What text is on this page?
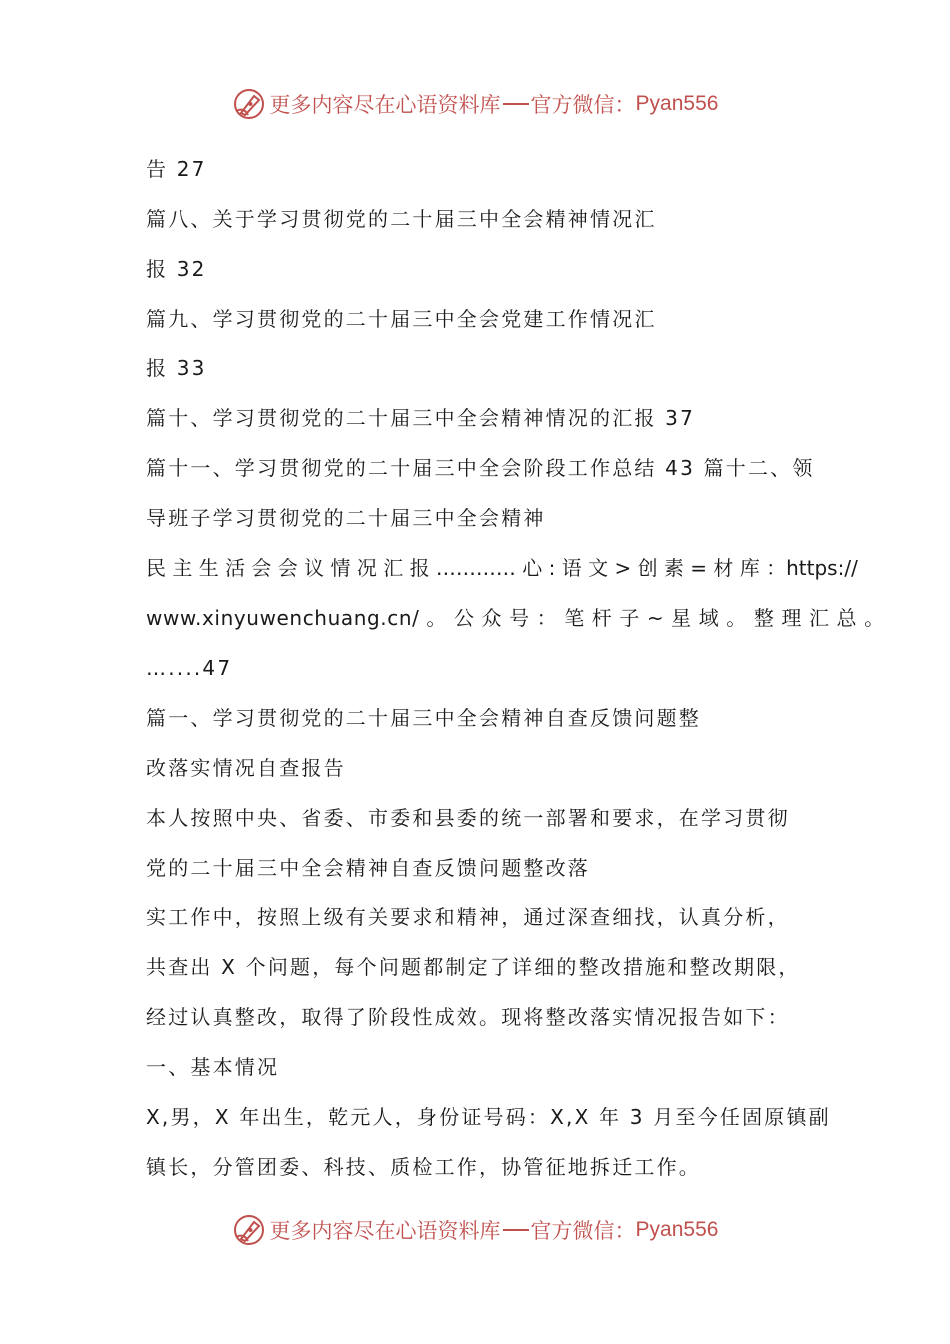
更多内容尽在心语资料库 官方微信： Pyan556
告 27
篇八、关于学习贯彻党的二十届三中全会精神情况汇
报 32
篇九、学习贯彻党的二十届三中全会党建工作情况汇
报 33
篇十、学习贯彻党的二十届三中全会精神情况的汇报 37
篇十一、学习贯彻党的二十届三中全会阶段工作总结 43 篇十二、领
导班子学习贯彻党的二十届三中全会精神
民 主 生 活 会 会 议 情 况 汇 报 ………… 心 : 语 文 > 创 素 = 材 库 ： https://
www.xinyuwenchuang.cn/ 。 公 众 号 ： 笔 杆 子 ~ 星 域 。 整 理 汇 总 。
…....47
篇一、学习贯彻党的二十届三中全会精神自查反馈问题整
改落实情况自查报告
本人按照中央、省委、市委和县委的统一部署和要求，在学习贯彻
党的二十届三中全会精神自查反馈问题整改落
实工作中，按照上级有关要求和精神，通过深查细找，认真分析，
共查出 X 个问题，每个问题都制定了详细的整改措施和整改期限，
经过认真整改，取得了阶段性成效。现将整改落实情况报告如下：
一、基本情况
X,男，X 年出生，乾元人，身份证号码：X,X 年 3 月至今任固原镇副
镇长，分管团委、科技、质检工作，协管征地拆迁工作。
更多内容尽在心语资料库 官方微信： Pyan556
